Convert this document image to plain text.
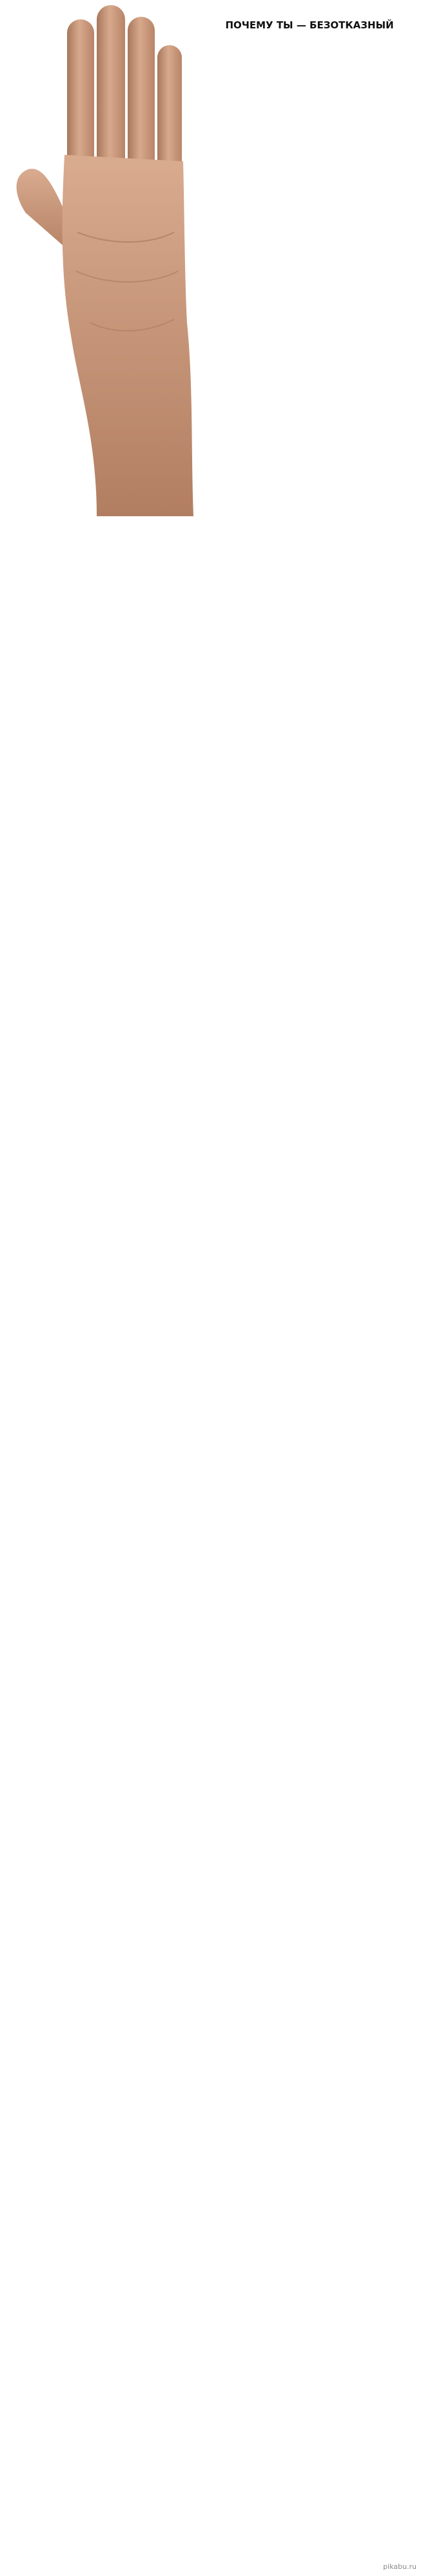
ПОЧЕМУ ТЫ — БЕЗОТКАЗНЫЙ

pikabu.ru
